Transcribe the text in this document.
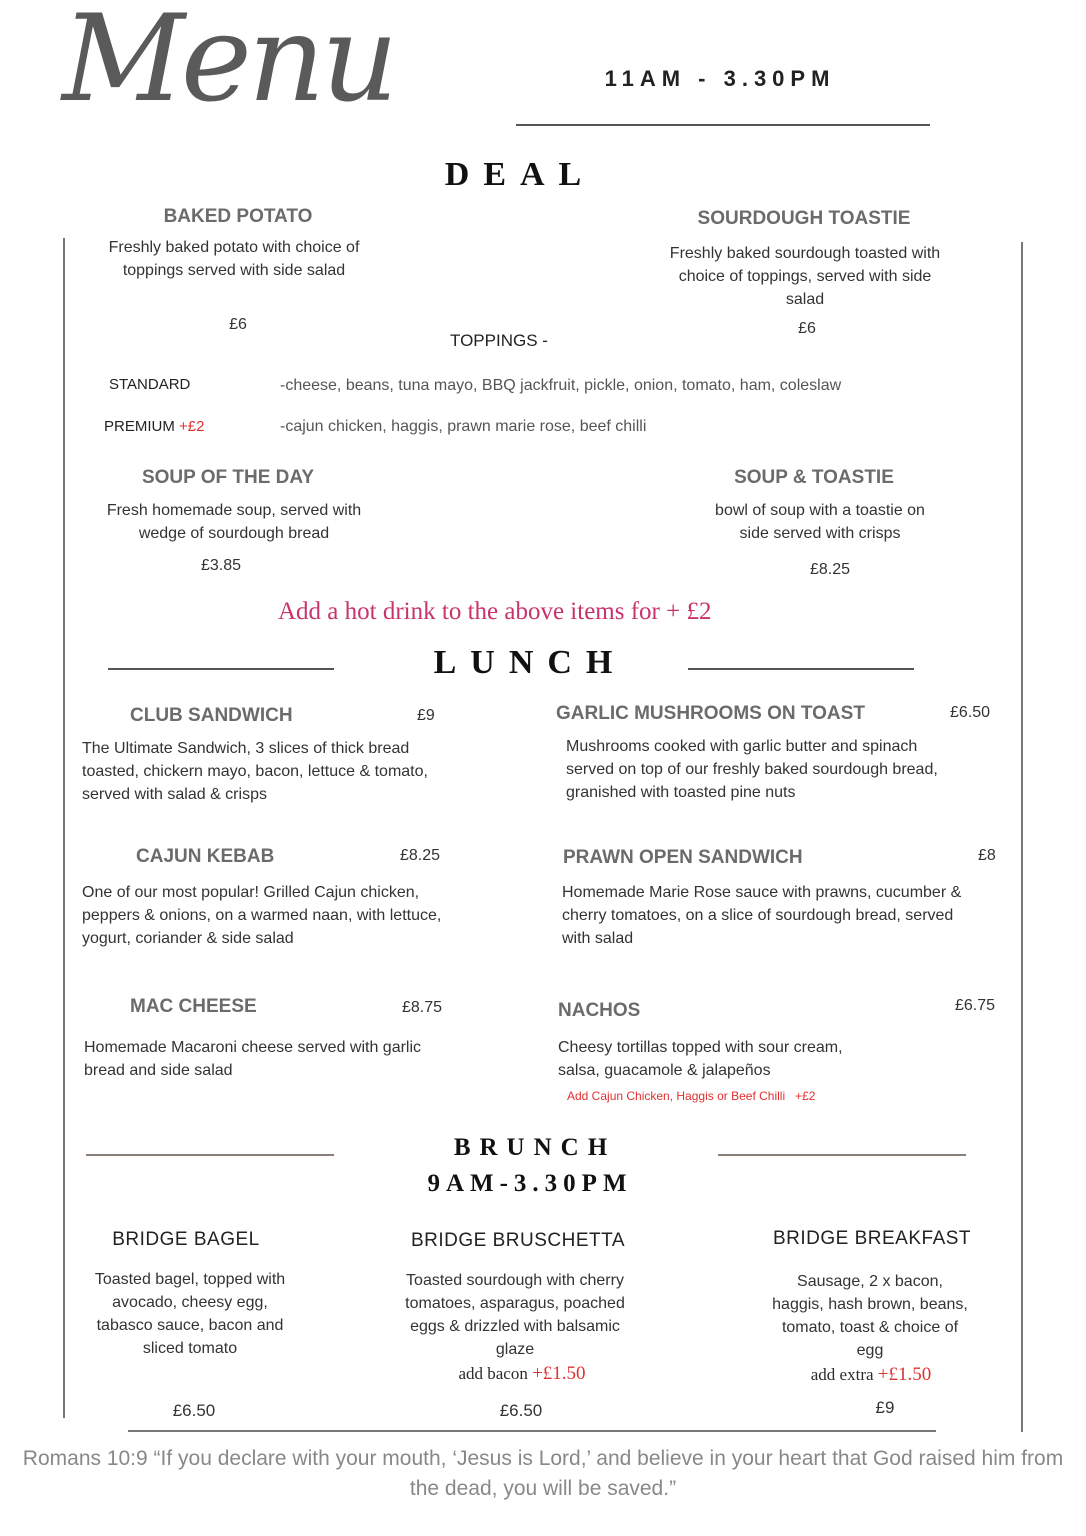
Menu	11AM - 3.30PM
DEAL
BAKED POTATO
Freshly baked potato with choice of toppings served with side salad
£6
SOURDOUGH TOASTIE
Freshly baked sourdough toasted with choice of toppings, served with side salad
£6
TOPPINGS -
STANDARD	-cheese, beans, tuna mayo, BBQ jackfruit, pickle, onion, tomato, ham, coleslaw
PREMIUM +£2	-cajun chicken, haggis, prawn marie rose, beef chilli
SOUP OF THE DAY
Fresh homemade soup, served with wedge of sourdough bread
£3.85
SOUP & TOASTIE
bowl of soup with a toastie on side served with crisps
£8.25
Add a hot drink to the above items for + £2
LUNCH
CLUB SANDWICH	£9
The Ultimate Sandwich, 3 slices of thick bread toasted, chickern mayo, bacon, lettuce & tomato, served with salad & crisps
GARLIC MUSHROOMS ON TOAST	£6.50
Mushrooms cooked with garlic butter and spinach served on top of our freshly baked sourdough bread, granished with toasted pine nuts
CAJUN KEBAB	£8.25
One of our most popular! Grilled Cajun chicken, peppers & onions, on a warmed naan, with lettuce, yogurt, coriander & side salad
PRAWN OPEN SANDWICH	£8
Homemade Marie Rose sauce with prawns, cucumber & cherry tomatoes, on a slice of sourdough bread, served with salad
MAC CHEESE	£8.75
Homemade Macaroni cheese served with garlic bread and side salad
NACHOS	£6.75
Cheesy tortillas topped with sour cream, salsa, guacamole & jalapeños
Add Cajun Chicken, Haggis or Beef Chilli   +£2
BRUNCH
9AM-3.30PM
BRIDGE BAGEL
Toasted bagel, topped with avocado, cheesy egg, tabasco sauce, bacon and sliced tomato
£6.50
BRIDGE BRUSCHETTA
Toasted sourdough with cherry tomatoes, asparagus, poached eggs & drizzled with balsamic glaze
add bacon +£1.50
£6.50
BRIDGE BREAKFAST
Sausage, 2 x bacon, haggis, hash brown, beans, tomato, toast & choice of egg
add extra +£1.50
£9
Romans 10:9 “If you declare with your mouth, ‘Jesus is Lord,’ and believe in your heart that God raised him from the dead, you will be saved.”
